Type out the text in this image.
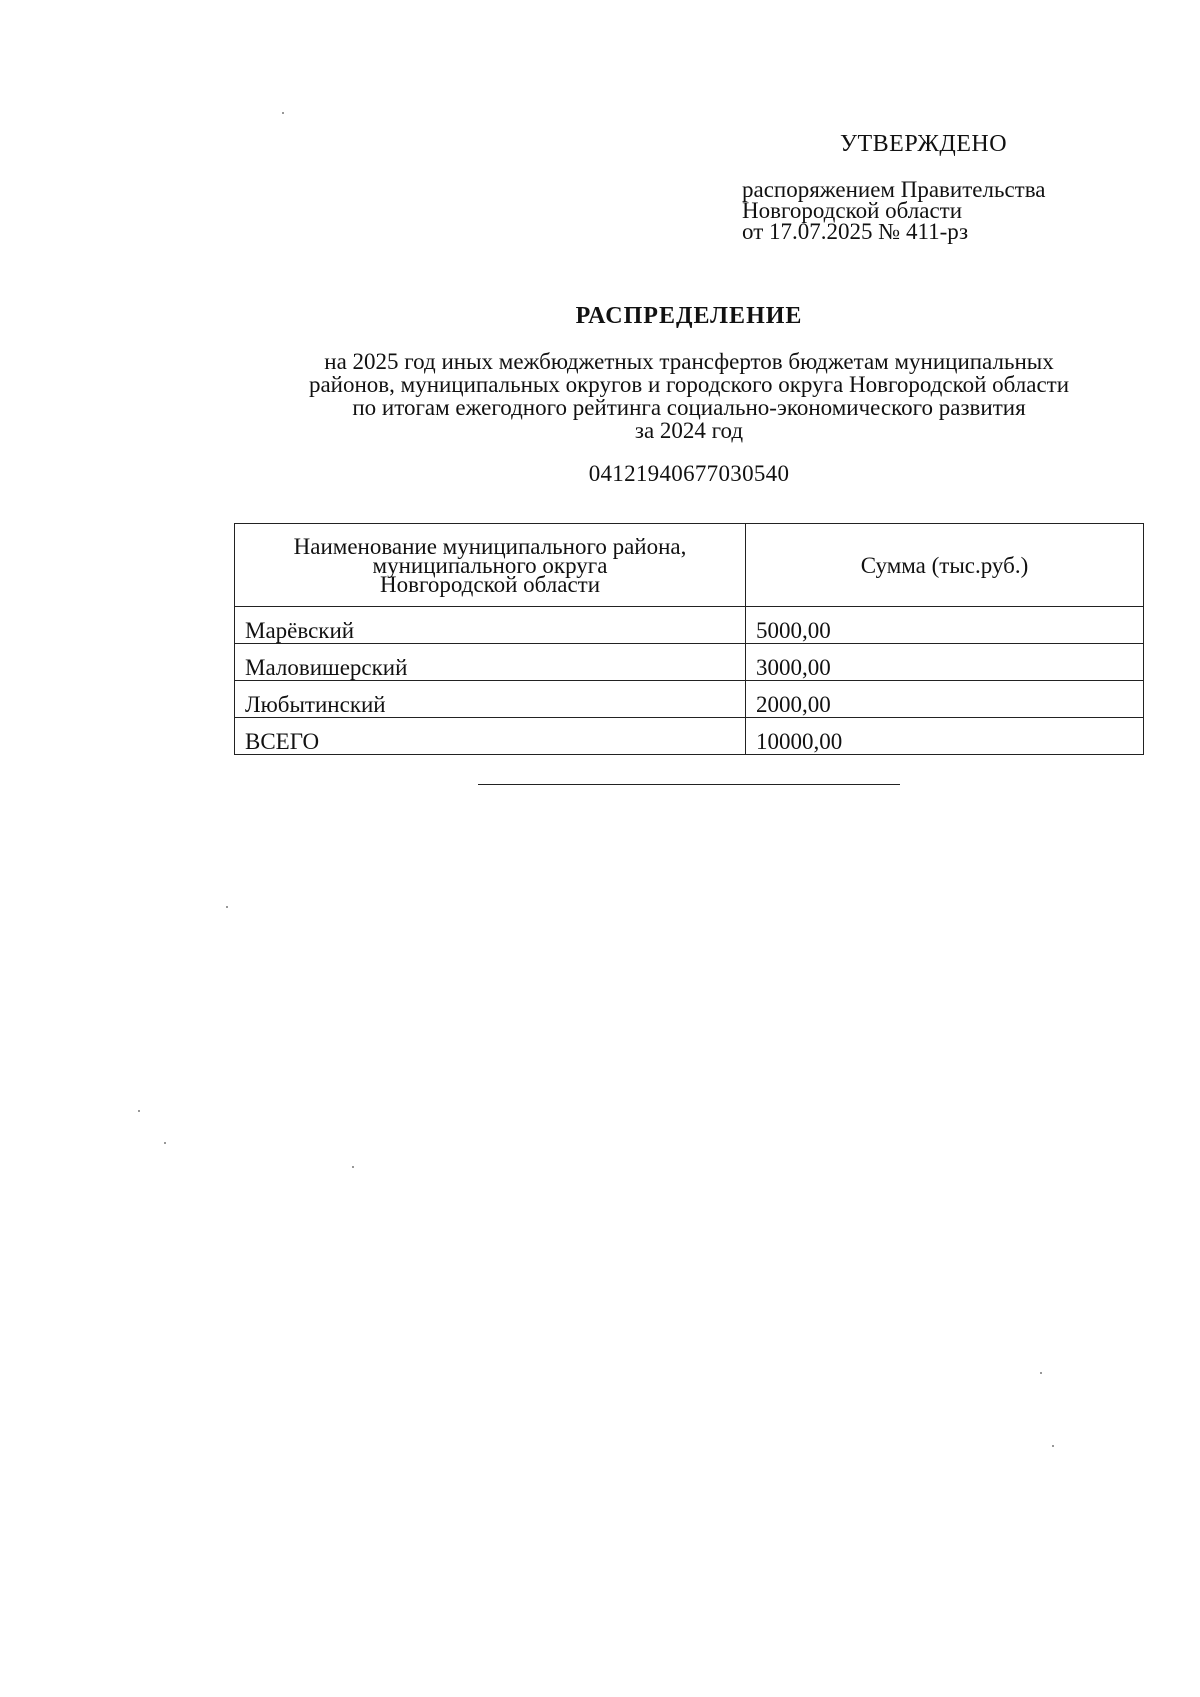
УТВЕРЖДЕНО
распоряжением Правительства
Новгородской области
от 17.07.2025 № 411-рз
РАСПРЕДЕЛЕНИЕ
на 2025 год иных межбюджетных трансфертов бюджетам муниципальных
районов, муниципальных округов и городского округа Новгородской области
по итогам ежегодного рейтинга социально-экономического развития
за 2024 год
04121940677030540
Наименование муниципального района,
муниципального округа
Новгородской области	Сумма (тыс.руб.)
Марёвский	5000,00
Маловишерский	3000,00
Любытинский	2000,00
ВСЕГО	10000,00
